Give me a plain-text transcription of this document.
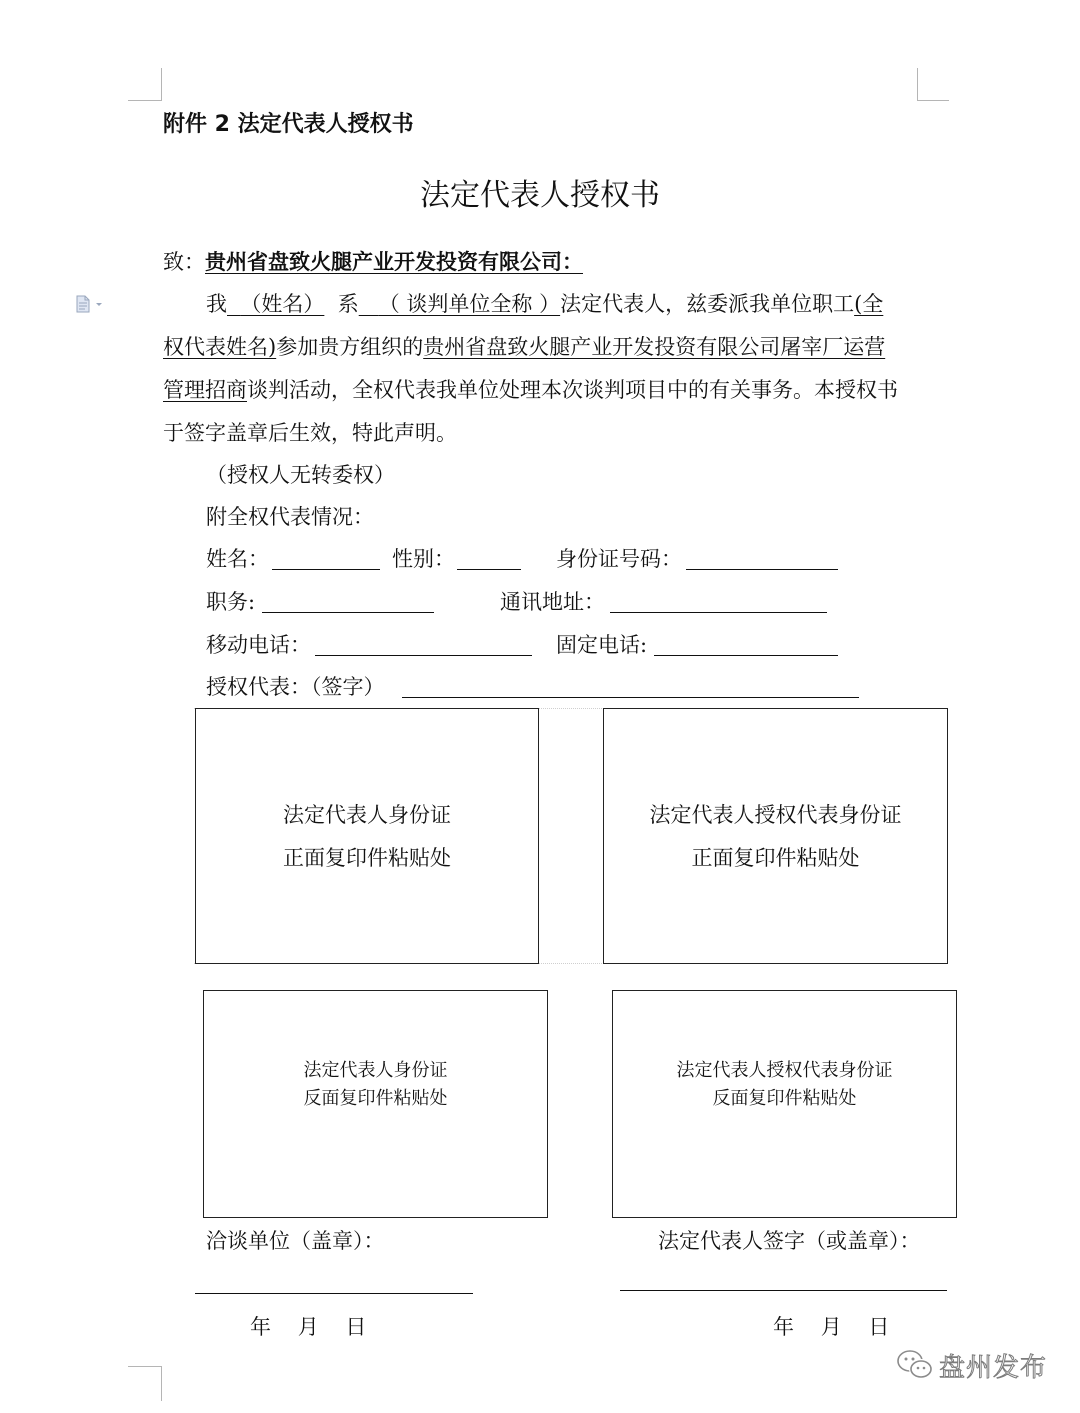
附件 2 法定代表人授权书
法定代表人授权书
致：贵州省盘致火腿产业开发投资有限公司：
我 （姓名） 系 （ 谈判单位全称 ）法定代表人，兹委派我单位职工(全
权代表姓名)参加贵方组织的贵州省盘致火腿产业开发投资有限公司屠宰厂运营
管理招商谈判活动，全权代表我单位处理本次谈判项目中的有关事务。本授权书
于签字盖章后生效，特此声明。
（授权人无转委权）
附全权代表情况：
姓名：	性别：	身份证号码：
职务:	通讯地址：
移动电话：	固定电话:
授权代表：（签字）
法定代表人身份证
正面复印件粘贴处
法定代表人授权代表身份证
正面复印件粘贴处
法定代表人身份证
反面复印件粘贴处
法定代表人授权代表身份证
反面复印件粘贴处
洽谈单位（盖章）：	法定代表人签字（或盖章）：
年    月    日	年    月    日
盘州发布
